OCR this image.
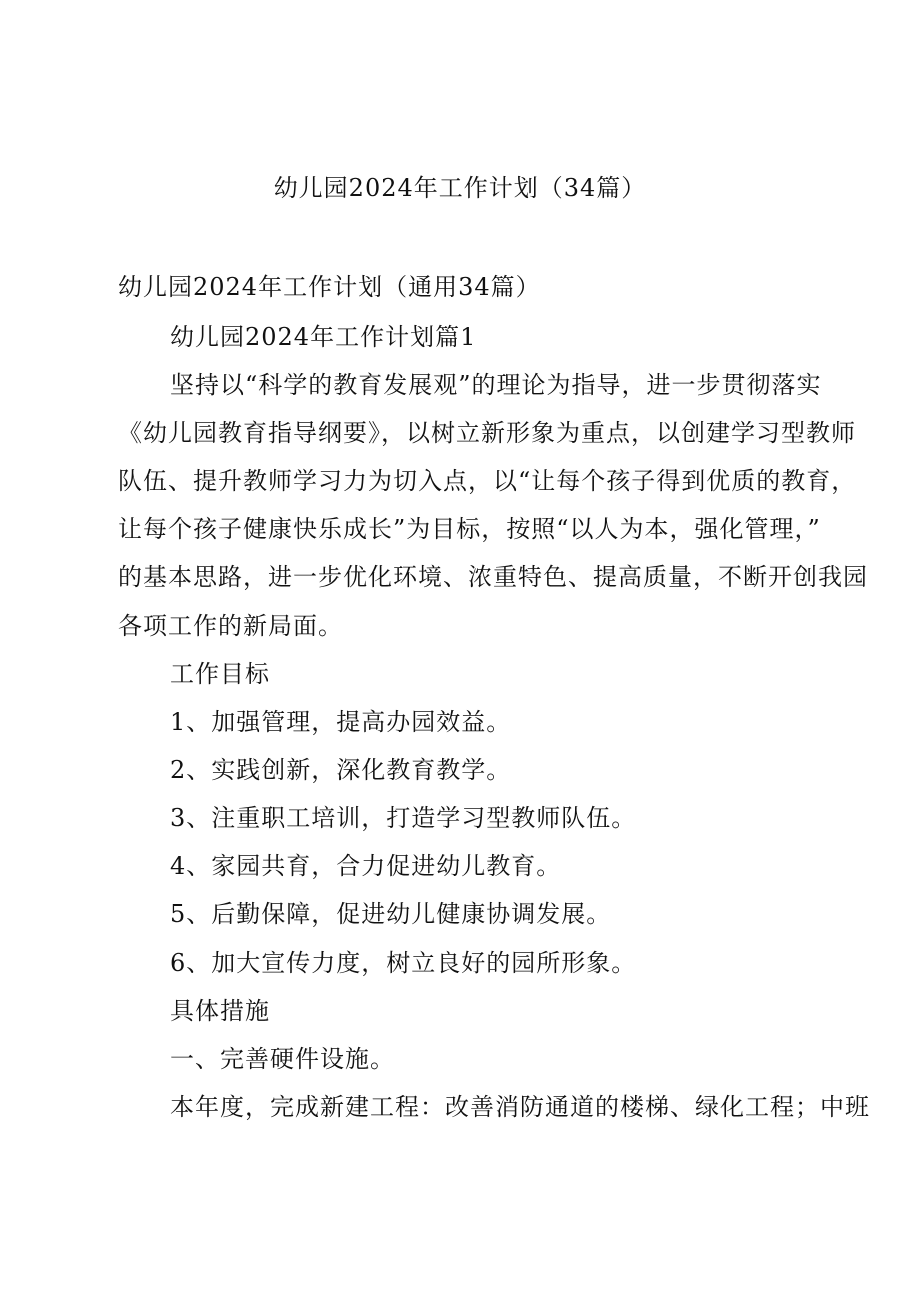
幼儿园2024年工作计划（34篇）
幼儿园2024年工作计划（通用34篇）
幼儿园2024年工作计划篇1
坚持以“科学的教育发展观”的理论为指导，进一步贯彻落实
《幼儿园教育指导纲要》，以树立新形象为重点，以创建学习型教师
队伍、提升教师学习力为切入点，以“让每个孩子得到优质的教育，
让每个孩子健康快乐成长”为目标，按照“以人为本，强化管理，”
的基本思路，进一步优化环境、浓重特色、提高质量，不断开创我园
各项工作的新局面。
工作目标
1、加强管理，提高办园效益。
2、实践创新，深化教育教学。
3、注重职工培训，打造学习型教师队伍。
4、家园共育，合力促进幼儿教育。
5、后勤保障，促进幼儿健康协调发展。
6、加大宣传力度，树立良好的园所形象。
具体措施
一、完善硬件设施。
本年度，完成新建工程：改善消防通道的楼梯、绿化工程；中班
